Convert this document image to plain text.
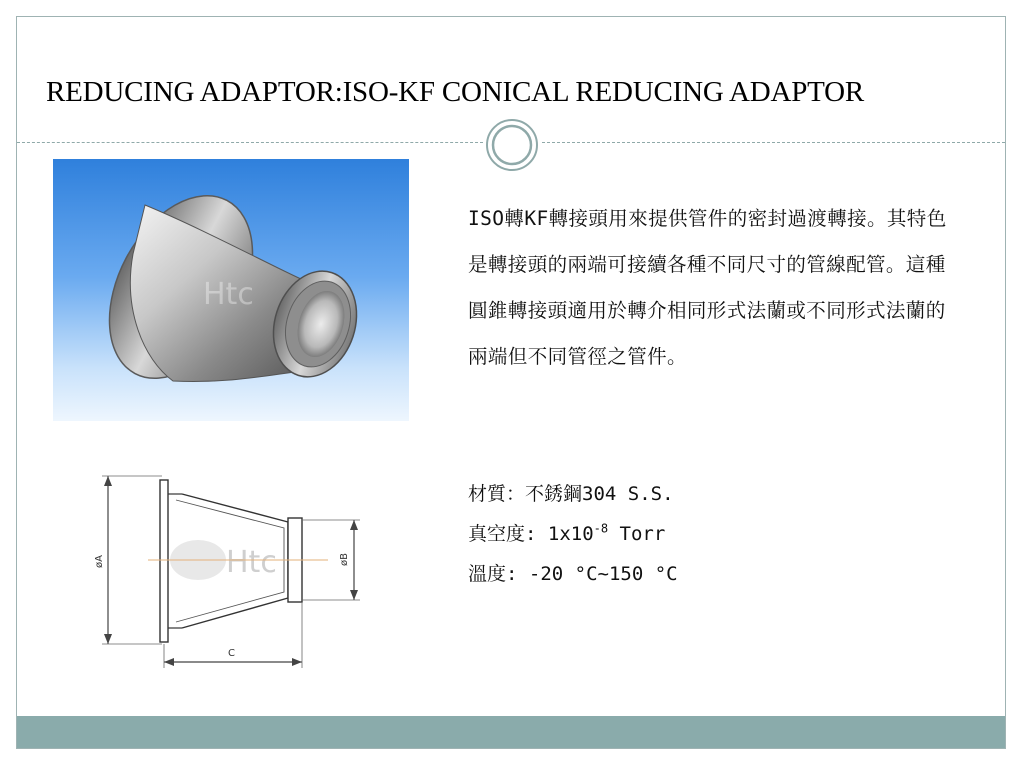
REDUCING ADAPTOR:ISO-KF CONICAL REDUCING ADAPTOR
Htc
Htc
øA	øB
C

ISO轉KF轉接頭用來提供管件的密封過渡轉接。其特色是轉接頭的兩端可接續各種不同尺寸的管線配管。這種圓錐轉接頭適用於轉介相同形式法蘭或不同形式法蘭的兩端但不同管徑之管件。

材質：不銹鋼304 S.S.
真空度: $1x10^{-8}$ Torr
溫度: -20 °C~150 °C
